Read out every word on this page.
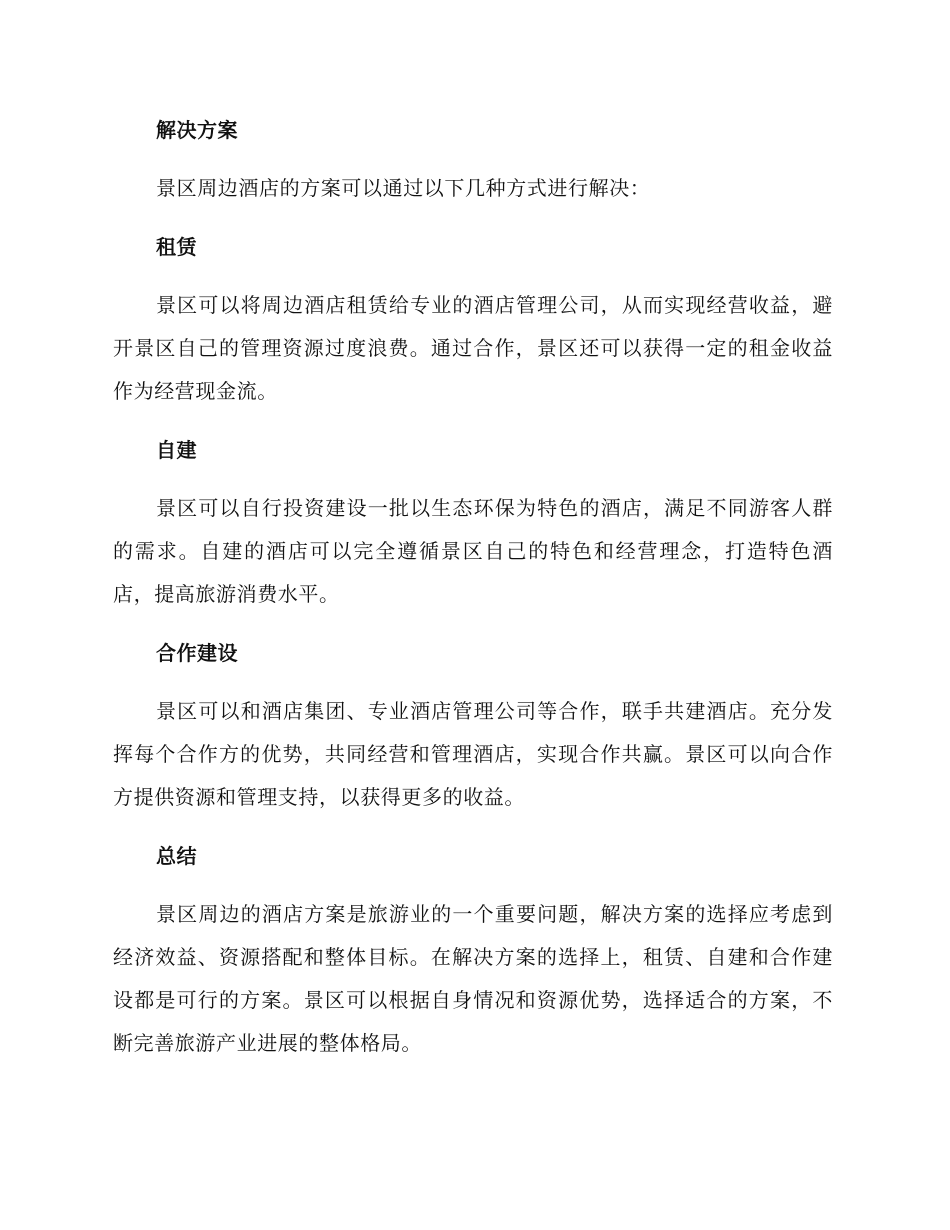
解决方案

景区周边酒店的方案可以通过以下几种方式进行解决：

租赁

景区可以将周边酒店租赁给专业的酒店管理公司，从而实现经营收益，避开景区自己的管理资源过度浪费。通过合作，景区还可以获得一定的租金收益作为经营现金流。

自建

景区可以自行投资建设一批以生态环保为特色的酒店，满足不同游客人群的需求。自建的酒店可以完全遵循景区自己的特色和经营理念，打造特色酒店，提高旅游消费水平。

合作建设

景区可以和酒店集团、专业酒店管理公司等合作，联手共建酒店。充分发挥每个合作方的优势，共同经营和管理酒店，实现合作共赢。景区可以向合作方提供资源和管理支持，以获得更多的收益。

总结

景区周边的酒店方案是旅游业的一个重要问题，解决方案的选择应考虑到经济效益、资源搭配和整体目标。在解决方案的选择上，租赁、自建和合作建设都是可行的方案。景区可以根据自身情况和资源优势，选择适合的方案，不断完善旅游产业进展的整体格局。
